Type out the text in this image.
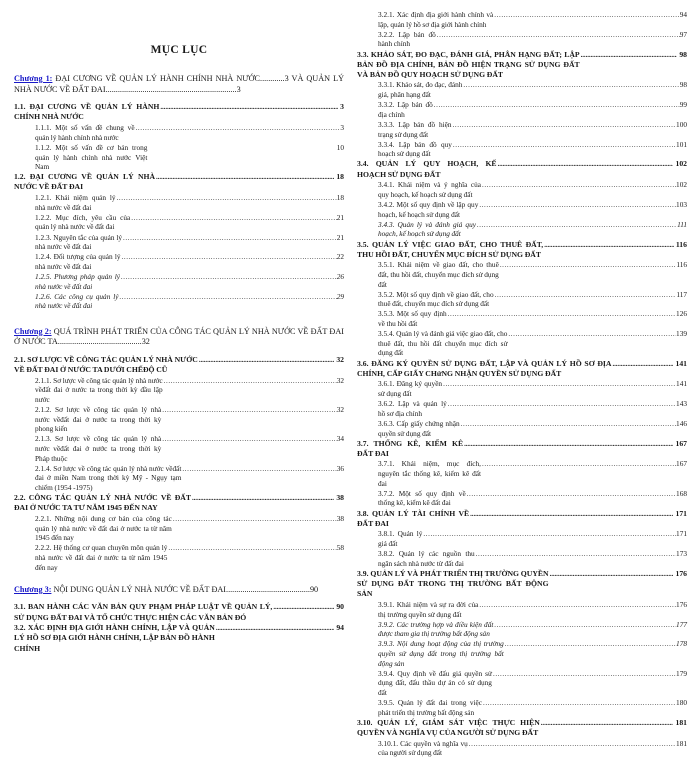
MỤC LỤC
Chương 1: ĐẠI CƯƠNG VỀ QUẢN LÝ HÀNH CHÍNH NHÀ NƯỚC............3 VÀ QUẢN LÝ NHÀ NƯỚC VỀ ĐẤT ĐAI................................................................3
1.1. ĐẠI CƯƠNG VỀ QUẢN LÝ HÀNH CHÍNH NHÀ NƯỚC
.....
3
1.1.1. Một số vấn đề chung về quản lý hành chính nhà nước
.....
3
1.1.2. Một số vấn đề cơ bản trong quản lý hành chính nhà nước Việt Nam
10
1.2. ĐẠI CƯƠNG VỀ QUẢN LÝ NHÀ NƯỚC VỀ ĐẤT ĐAI
.....
18
1.2.1. Khái niệm quản lý nhà nước về đất đai
.....
18
1.2.2. Mục đích, yêu cầu của quản lý nhà nước về đất đai
.....
21
1.2.3. Nguyên tắc của quản lý nhà nước về đất đai
.....
21
1.2.4. Đối tượng của quản lý nhà nước về đất đai
.....
22
1.2.5. Phương pháp quản lý nhà nước về đất đai
.....
26
1.2.6. Các công cụ quản lý nhà nước về đất đai
.....
29
Chương 2: QUÁ TRÌNH PHÁT TRIỂN CỦA CÔNG TÁC QUẢN LÝ NHÀ NƯỚC VỀ ĐẤT ĐAI Ở NƯỚC TA.........................................32
2.1. SƠ LƯỢC VỀ CÔNG TÁC QUẢN LÝ NHÀ NƯỚC VỀ ĐẤT ĐAI Ở NƯỚC TA DƯỚI CHẾĐỘ CŨ
.....
32
2.1.1. Sơ lược về công tác quản lý nhà nước vềđất đai ở nước ta trong thời kỳ đầu lập nước
.....
32
2.1.2. Sơ lược về công tác quản lý nhà nước vềđất đai ở nước ta trong thời kỳ phong kiến
.....
32
2.1.3. Sơ lược về công tác quản lý nhà nước vềđất đai ở nước ta trong thời kỳ Pháp thuộc
.....
34
2.1.4. Sơ lược về công tác quản lý nhà nước vềđất đai ở miền Nam trong thời kỳ Mỹ - Ngụy tạm chiếm (1954 -1975)
.....
36
2.2. CÔNG TÁC QUẢN LÝ NHÀ NƯỚC VỀ ĐẤT ĐAI Ở NƯỚC TA TƯ NĂM 1945 ĐẾN NAY
.....
38
2.2.1. Những nội dung cơ bản của công tác quản lý nhà nước về đất đai ở nước ta từ năm 1945 đến nay
.....
38
2.2.2. Hệ thống cơ quan chuyên môn quản lý nhà nước về đất đai ở nước ta từ năm 1945 đến nay
.....
58
Chương 3: NỘI DUNG QUẢN LÝ NHÀ NƯỚC VỀ ĐẤT ĐAI.........................................90
3.1. BAN HÀNH CÁC VĂN BẢN QUY PHẠM PHÁP LUẬT VỀ QUẢN LÝ, SỬ DỤNG ĐẤT ĐAI VÀ TỔ CHỨC THỰC HIỆN CÁC VĂN BẢN ĐÓ
.....
90
3.2. XÁC ĐỊNH ĐỊA GIỚI HÀNH CHÍNH, LẬP VÀ QUẢN LÝ HỒ SƠ ĐỊA GIỚI HÀNH CHÍNH, LẬP BẢN ĐỒ HÀNH CHÍNH
.....
94
3.2.1. Xác định địa giới hành chính và lập, quản lý hồ sơ địa giới hành chính
.....
94
3.2.2. Lập bản đồ hành chính
.....
97
3.3. KHẢO SÁT, ĐO ĐẠC, ĐÁNH GIÁ, PHÂN HẠNG ĐẤT; LẬP BẢN ĐỒ ĐỊA CHÍNH, BẢN ĐỒ HIỆN TRẠNG SỬ DỤNG ĐẤT VÀ BẢN ĐỒ QUY HOẠCH SỬ DỤNG ĐẤT
.....
98
3.3.1. Khảo sát, đo đạc, đánh giá, phân hạng đất
.....
98
3.3.2. Lập bản đồ địa chính
.....
99
3.3.3. Lập bản đồ hiện trạng sử dụng đất
.....
100
3.3.4. Lập bản đồ quy hoạch sử dụng đất
.....
101
3.4. QUẢN LÝ QUY HOẠCH, KẾ HOẠCH SỬ DỤNG ĐẤT
.....
102
3.4.1. Khái niệm và ý nghĩa của quy hoạch, kế hoạch sử dụng đất
.....
102
3.4.2. Một số quy định về lập quy hoạch, kế hoạch sử dụng đất
.....
103
3.4.3. Quản lý và đánh giá quy hoạch, kế hoạch sử dụng đất
.....
111
3.5. QUẢN LÝ VIỆC GIAO ĐẤT, CHO THUÊ ĐẤT, THU HỒI ĐẤT, CHUYỂN MỤC ĐÍCH SỬ DỤNG ĐẤT
.....
116
3.5.1. Khái niệm về giao đất, cho thuê đất, thu hồi đất, chuyển mục đích sử dụng đất
.....
116
3.5.2. Một số quy định về giao đất, cho thuê đất, chuyển mục đích sử dụng đất
.....
117
3.5.3. Một số quy định về thu hồi đất
.....
126
3.5.4. Quản lý và đánh giá việc giao đất, cho thuê đất, thu hồi đất chuyển mục đích sử dụng đất
.....
139
3.6. ĐĂNG KÝ QUYỀN SỬ DỤNG ĐẤT, LẬP VÀ QUẢN LÝ HỒ SƠ ĐỊA CHÍNH, CẤP GIẤY CHứNG NHẬN QUYỀN SỬ DỤNG ĐẤT
.....
141
3.6.1. Đăng ký quyền sử dụng đất
.....
141
3.6.2. Lập và quản lý hồ sơ địa chính
.....
143
3.6.3. Cấp giấy chứng nhận quyền sử dụng đất
.....
146
3.7. THỐNG KÊ, KIỂM KÊ ĐẤT ĐAI
.....
167
3.7.1. Khái niệm, mục đích, nguyên tắc thống kê, kiểm kê đất đai
.....
167
3.7.2. Một số quy định về thống kê, kiểm kê đất đai
.....
168
3.8. QUẢN LÝ TÀI CHÍNH VỀ ĐẤT ĐAI
.....
171
3.8.1. Quản lý giá đất
.....
171
3.8.2. Quản lý các nguồn thu ngân sách nhà nước từ đất đai
.....
173
3.9. QUẢN LÝ VÀ PHÁT TRIỂN THỊ TRƯỜNG QUYỀN SỬ DỤNG ĐẤT TRONG THỊ TRƯỜNG BẤT ĐỘNG SẢN
.....
176
3.9.1. Khái niệm và sự ra đời của thị trường quyền sử dụng đất
.....
176
3.9.2. Các trường hợp và điều kiện đất được tham gia thị trường bất động sản
.....
177
3.9.3. Nội dung hoạt động của thị trường quyền sử dụng đất trong thị trường bất động sản
.....
178
3.9.4. Quy định về đấu giá quyền sử dụng đất, đấu thầu dự án có sử dụng đất
.....
179
3.9.5. Quản lý đất đai trong việc phát triển thị trường bất động sản
.....
180
3.10. QUẢN LÝ, GIÁM SÁT VIỆC THỰC HIỆN QUYỀN VÀ NGHĨA VỤ CỦA NGƯỜI SỬ DỤNG ĐẤT
.....
181
3.10.1. Các quyền và nghĩa vụ của người sử dụng đất
.....
181
